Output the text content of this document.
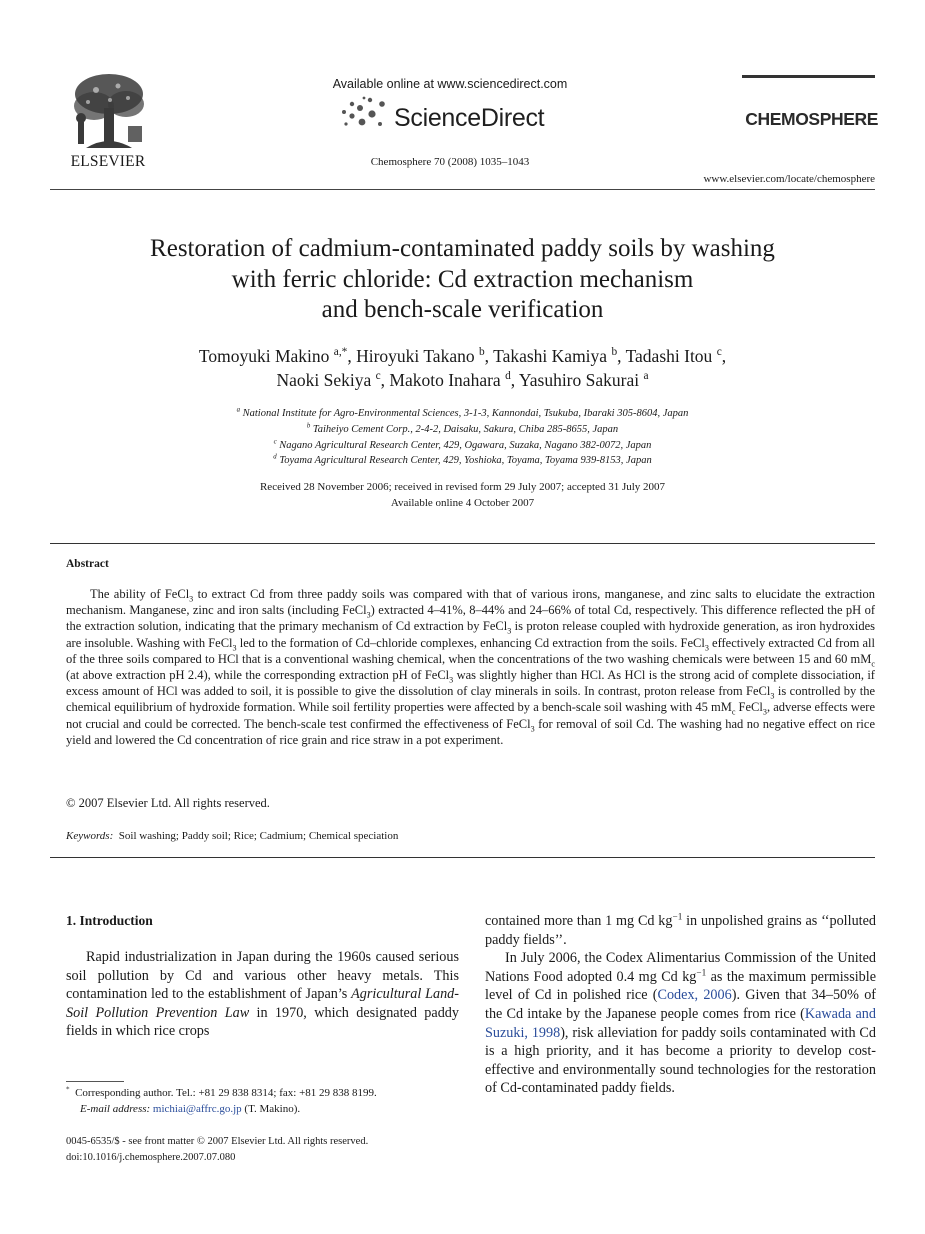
ELSEVIER
Available online at www.sciencedirect.com
ScienceDirect
Chemosphere 70 (2008) 1035–1043
CHEMOSPHERE
www.elsevier.com/locate/chemosphere
Restoration of cadmium-contaminated paddy soils by washing
with ferric chloride: Cd extraction mechanism
and bench-scale verification
Tomoyuki Makino $^{a,*}$, Hiroyuki Takano $^b$, Takashi Kamiya $^b$, Tadashi Itou $^c$,
Naoki Sekiya $^c$, Makoto Inahara $^d$, Yasuhiro Sakurai $^a$
$^a$ National Institute for Agro-Environmental Sciences, 3-1-3, Kannondai, Tsukuba, Ibaraki 305-8604, Japan
$^b$ Taiheiyo Cement Corp., 2-4-2, Daisaku, Sakura, Chiba 285-8655, Japan
$^c$ Nagano Agricultural Research Center, 429, Ogawara, Suzaka, Nagano 382-0072, Japan
$^d$ Toyama Agricultural Research Center, 429, Yoshioka, Toyama, Toyama 939-8153, Japan
Received 28 November 2006; received in revised form 29 July 2007; accepted 31 July 2007
Available online 4 October 2007
Abstract

The ability of FeCl$_3$ to extract Cd from three paddy soils was compared with that of various irons, manganese, and zinc salts to elucidate the extraction mechanism. Manganese, zinc and iron salts (including FeCl$_3$) extracted 4–41%, 8–44% and 24–66% of total Cd, respectively. This difference reflected the pH of the extraction solution, indicating that the primary mechanism of Cd extraction by FeCl$_3$ is proton release coupled with hydroxide generation, as iron hydroxides are insoluble. Washing with FeCl$_3$ led to the formation of Cd–chloride complexes, enhancing Cd extraction from the soils. FeCl$_3$ effectively extracted Cd from all of the three soils compared to HCl that is a conventional washing chemical, when the concentrations of the two washing chemicals were between 15 and 60 $mM_c$ (at above extraction pH 2.4), while the corresponding extraction pH of FeCl$_3$ was slightly higher than HCl. As HCl is the strong acid of complete dissociation, if excess amount of HCl was added to soil, it is possible to give the dissolution of clay minerals in soils. In contrast, proton release from FeCl$_3$ is controlled by the chemical equilibrium of hydroxide formation. While soil fertility properties were affected by a bench-scale soil washing with 45 $mM_c$ FeCl$_3$, adverse effects were not crucial and could be corrected. The bench-scale test confirmed the effectiveness of FeCl$_3$ for removal of soil Cd. The washing had no negative effect on rice yield and lowered the Cd concentration of rice grain and rice straw in a pot experiment.

© 2007 Elsevier Ltd. All rights reserved.
Keywords: Soil washing; Paddy soil; Rice; Cadmium; Chemical speciation
1. Introduction

Rapid industrialization in Japan during the 1960s caused serious soil pollution by Cd and various other heavy metals. This contamination led to the establishment of Japan’s Agricultural Land-Soil Pollution Prevention Law in 1970, which designated paddy fields in which rice crops

contained more than 1 mg Cd $kg^{-1}$ in unpolished grains as ‘‘polluted paddy fields’’.

In July 2006, the Codex Alimentarius Commission of the United Nations Food adopted 0.4 mg Cd $kg^{-1}$ as the maximum permissible level of Cd in polished rice (Codex, 2006). Given that 34–50% of the Cd intake by the Japanese people comes from rice (Kawada and Suzuki, 1998), risk alleviation for paddy soils contaminated with Cd is a high priority, and it has become a priority to develop cost-effective and environmentally sound technologies for the restoration of Cd-contaminated paddy fields.

* Corresponding author. Tel.: +81 29 838 8314; fax: +81 29 838 8199.
E-mail address: michiai@affrc.go.jp (T. Makino).
0045-6535/$ - see front matter © 2007 Elsevier Ltd. All rights reserved.
doi:10.1016/j.chemosphere.2007.07.080
